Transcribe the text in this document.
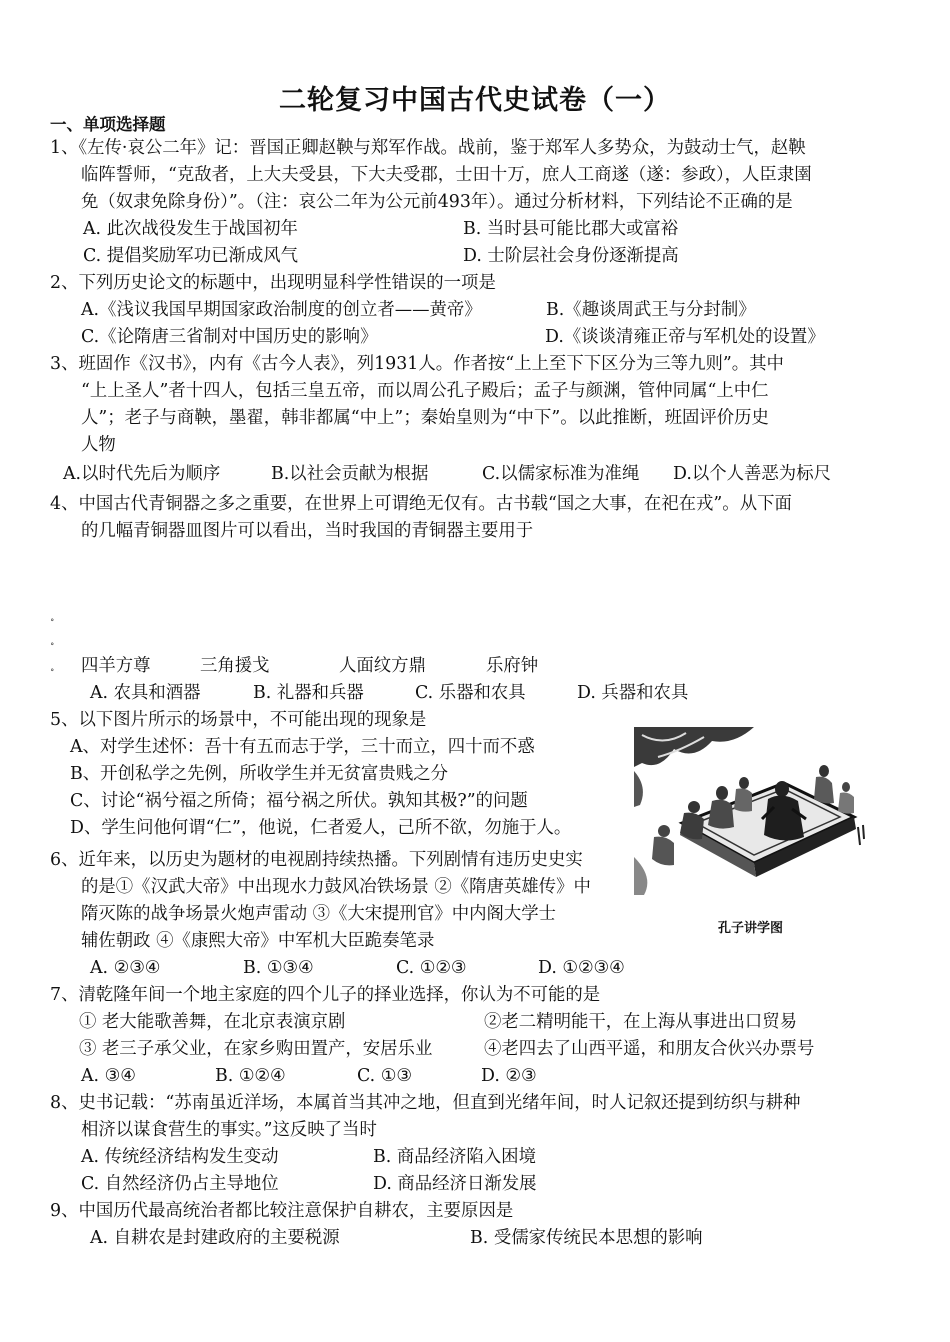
二轮复习中国古代史试卷（一）
一、单项选择题
1、《左传·哀公二年》记：晋国正卿赵鞅与郑军作战。战前，鉴于郑军人多势众，为鼓动士气，赵鞅
临阵誓师，“克敌者，上大夫受县，下大夫受郡，士田十万，庶人工商遂（遂：参政），人臣隶圉
免（奴隶免除身份）”。（注：哀公二年为公元前493年）。通过分析材料，下列结论不正确的是
A. 此次战役发生于战国初年	B. 当时县可能比郡大或富裕
C. 提倡奖励军功已渐成风气	D. 士阶层社会身份逐渐提高
2、下列历史论文的标题中，出现明显科学性错误的一项是
A.《浅议我国早期国家政治制度的创立者——黄帝》	B.《趣谈周武王与分封制》
C.《论隋唐三省制对中国历史的影响》	D.《谈谈清雍正帝与军机处的设置》
3、班固作《汉书》，内有《古今人表》，列1931人。作者按“上上至下下区分为三等九则”。其中
“上上圣人”者十四人，包括三皇五帝，而以周公孔子殿后；孟子与颜渊，管仲同属“上中仁
人”；老子与商鞅，墨翟，韩非都属“中上”；秦始皇则为“中下”。以此推断，班固评价历史
人物
A.以时代先后为顺序	B.以社会贡献为根据	C.以儒家标准为准绳 D.以个人善恶为标尺
4、中国古代青铜器之多之重要，在世界上可谓绝无仅有。古书载“国之大事，在祀在戎”。从下面
的几幅青铜器皿图片可以看出，当时我国的青铜器主要用于
˳
˳
˳ 四羊方尊	三角援戈	人面纹方鼎	乐府钟
A. 农具和酒器	B. 礼器和兵器	C. 乐器和农具	D. 兵器和农具
5、以下图片所示的场景中，不可能出现的现象是
A、对学生述怀：吾十有五而志于学，三十而立，四十而不惑
B、开创私学之先例，所收学生并无贫富贵贱之分
C、讨论“祸兮福之所倚；福兮祸之所伏。孰知其极?”的问题
D、学生问他何谓“仁”，他说，仁者爱人，己所不欲，勿施于人。
孔子讲学图
6、近年来，以历史为题材的电视剧持续热播。下列剧情有违历史史实
的是①《汉武大帝》中出现水力鼓风冶铁场景 ②《隋唐英雄传》中
隋灭陈的战争场景火炮声雷动 ③《大宋提刑官》中内阁大学士
辅佐朝政 ④《康熙大帝》中军机大臣跪奏笔录
A. ②③④	B. ①③④	C. ①②③	D. ①②③④
7、清乾隆年间一个地主家庭的四个儿子的择业选择，你认为不可能的是
① 老大能歌善舞，在北京表演京剧	②老二精明能干，在上海从事进出口贸易
③ 老三子承父业，在家乡购田置产，安居乐业	④老四去了山西平遥，和朋友合伙兴办票号
A. ③④	B. ①②④	C. ①③	D. ②③
8、史书记载：“苏南虽近洋场，本属首当其冲之地，但直到光绪年间，时人记叙还提到纺织与耕种
相济以谋食营生的事实。”这反映了当时
A. 传统经济结构发生变动	B. 商品经济陷入困境
C. 自然经济仍占主导地位	D. 商品经济日渐发展
9、中国历代最高统治者都比较注意保护自耕农，主要原因是
A. 自耕农是封建政府的主要税源	B. 受儒家传统民本思想的影响
